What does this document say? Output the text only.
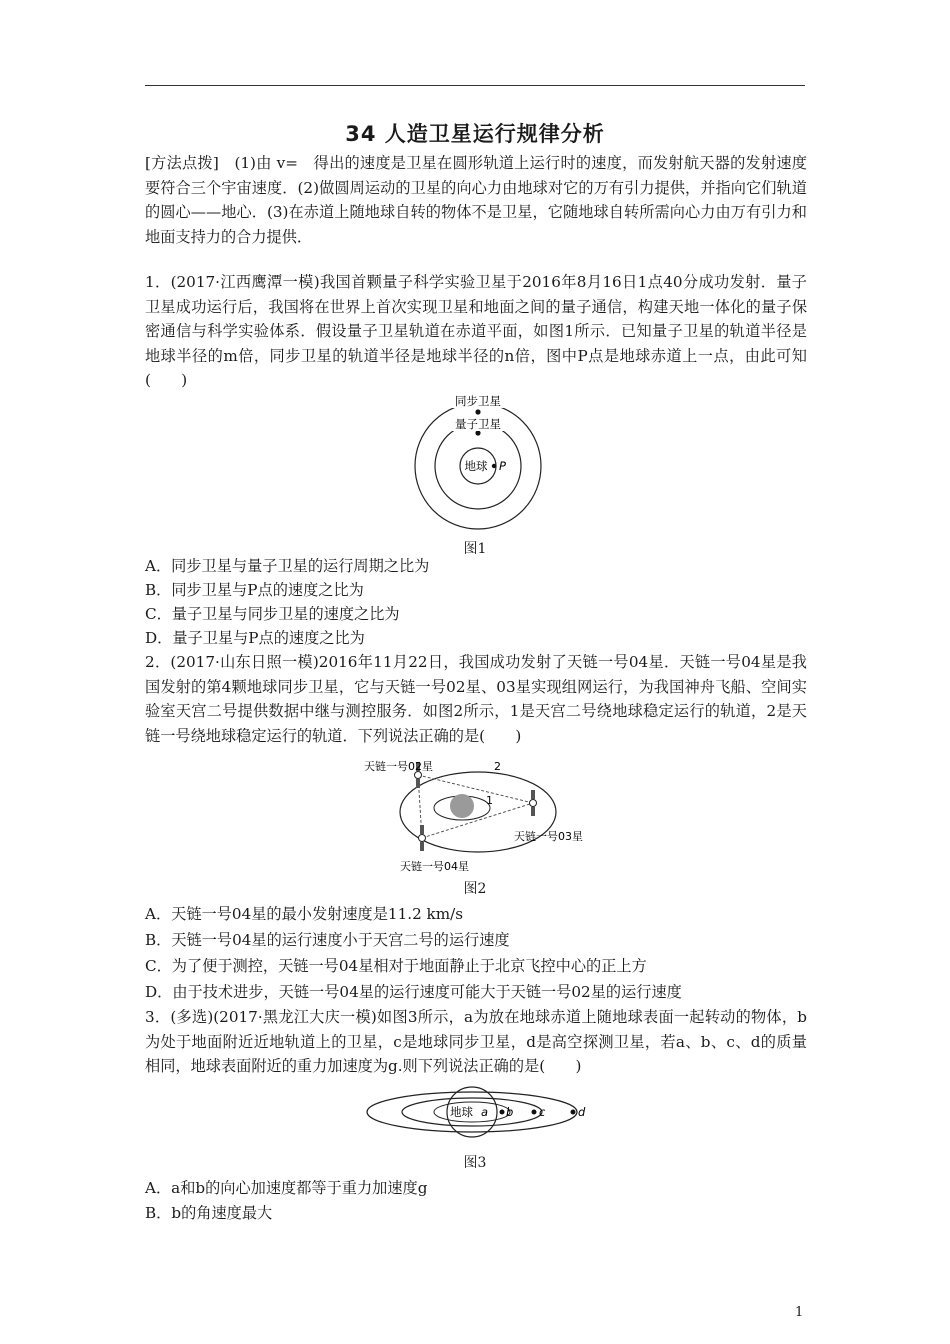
34 人造卫星运行规律分析
[方法点拨]　(1)由 v=　得出的速度是卫星在圆形轨道上运行时的速度，而发射航天器的发射速度要符合三个宇宙速度．(2)做圆周运动的卫星的向心力由地球对它的万有引力提供，并指向它们轨道的圆心——地心．(3)在赤道上随地球自转的物体不是卫星，它随地球自转所需向心力由万有引力和地面支持力的合力提供．
1．(2017·江西鹰潭一模)我国首颗量子科学实验卫星于2016年8月16日1点40分成功发射．量子卫星成功运行后，我国将在世界上首次实现卫星和地面之间的量子通信，构建天地一体化的量子保密通信与科学实验体系．假设量子卫星轨道在赤道平面，如图1所示．已知量子卫星的轨道半径是地球半径的m倍，同步卫星的轨道半径是地球半径的n倍，图中P点是地球赤道上一点，由此可知(　　)
同步卫星
量子卫星
地球 P
图1
A．同步卫星与量子卫星的运行周期之比为
B．同步卫星与P点的速度之比为
C．量子卫星与同步卫星的速度之比为
D．量子卫星与P点的速度之比为
2．(2017·山东日照一模)2016年11月22日，我国成功发射了天链一号04星．天链一号04星是我国发射的第4颗地球同步卫星，它与天链一号02星、03星实现组网运行，为我国神舟飞船、空间实验室天宫二号提供数据中继与测控服务．如图2所示，1是天宫二号绕地球稳定运行的轨道，2是天链一号绕地球稳定运行的轨道．下列说法正确的是(　　)
天链一号02星
天链一号03星
天链一号04星
1
2
图2
A．天链一号04星的最小发射速度是11.2 km/s
B．天链一号04星的运行速度小于天宫二号的运行速度
C．为了便于测控，天链一号04星相对于地面静止于北京飞控中心的正上方
D．由于技术进步，天链一号04星的运行速度可能大于天链一号02星的运行速度
3．(多选)(2017·黑龙江大庆一模)如图3所示，a为放在地球赤道上随地球表面一起转动的物体，b为处于地面附近近地轨道上的卫星，c是地球同步卫星，d是高空探测卫星，若a、b、c、d的质量相同，地球表面附近的重力加速度为g.则下列说法正确的是(　　)
地球 a b c	d
图3
A．a和b的向心加速度都等于重力加速度g
B．b的角速度最大
1
